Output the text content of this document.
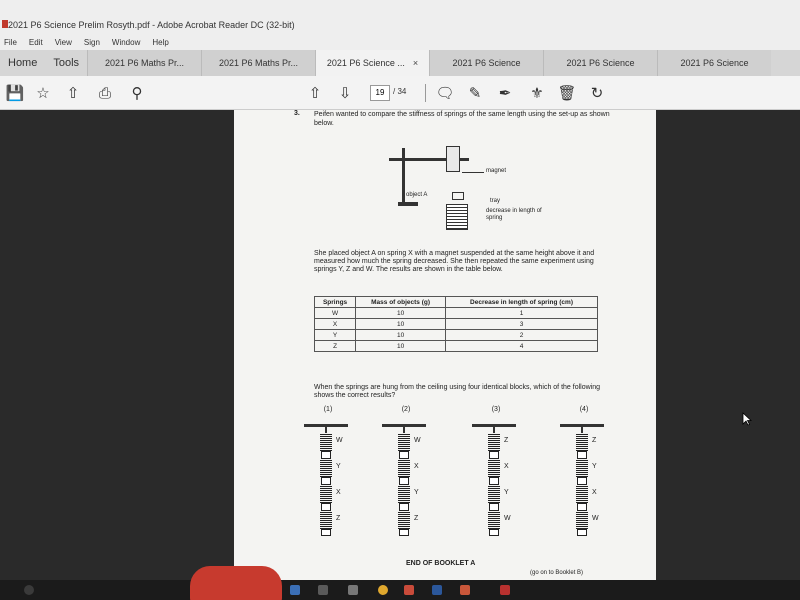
2021 P6 Science Prelim Rosyth.pdf - Adobe Acrobat Reader DC (32-bit)
File Edit View Sign Window Help
Home	Tools	2021 P6 Maths Pr...	2021 P6 Maths Pr...	2021 P6 Science ... ×	2021 P6 Science	2021 P6 Science	2021 P6 Science
💾 ☆ ⇧ ⎙ ⚲	⇧ ⇩	19	/ 34 🗨 ✎ ✒ ⚜ 🗑 ↻
3. Peifen wanted to compare the stiffness of springs of the same length using the set-up as shown below.
magnet
object A
tray
decrease in length of spring
She placed object A on spring X with a magnet suspended at the same height above it and measured how much the spring decreased. She then repeated the same experiment using springs Y, Z and W. The results are shown in the table below.
Springs	Mass of objects (g)	Decrease in length of spring (cm)
W	10	1
X	10	3
Y	10	2
Z	10	4
When the springs are hung from the ceiling using four identical blocks, which of the following shows the correct results?
(1)
W
Y
X
Z
(2)
W
X
Y
Z
(3)
Z
X
Y
W
(4)
Z
Y
X
W
END OF BOOKLET A
(go on to Booklet B)
